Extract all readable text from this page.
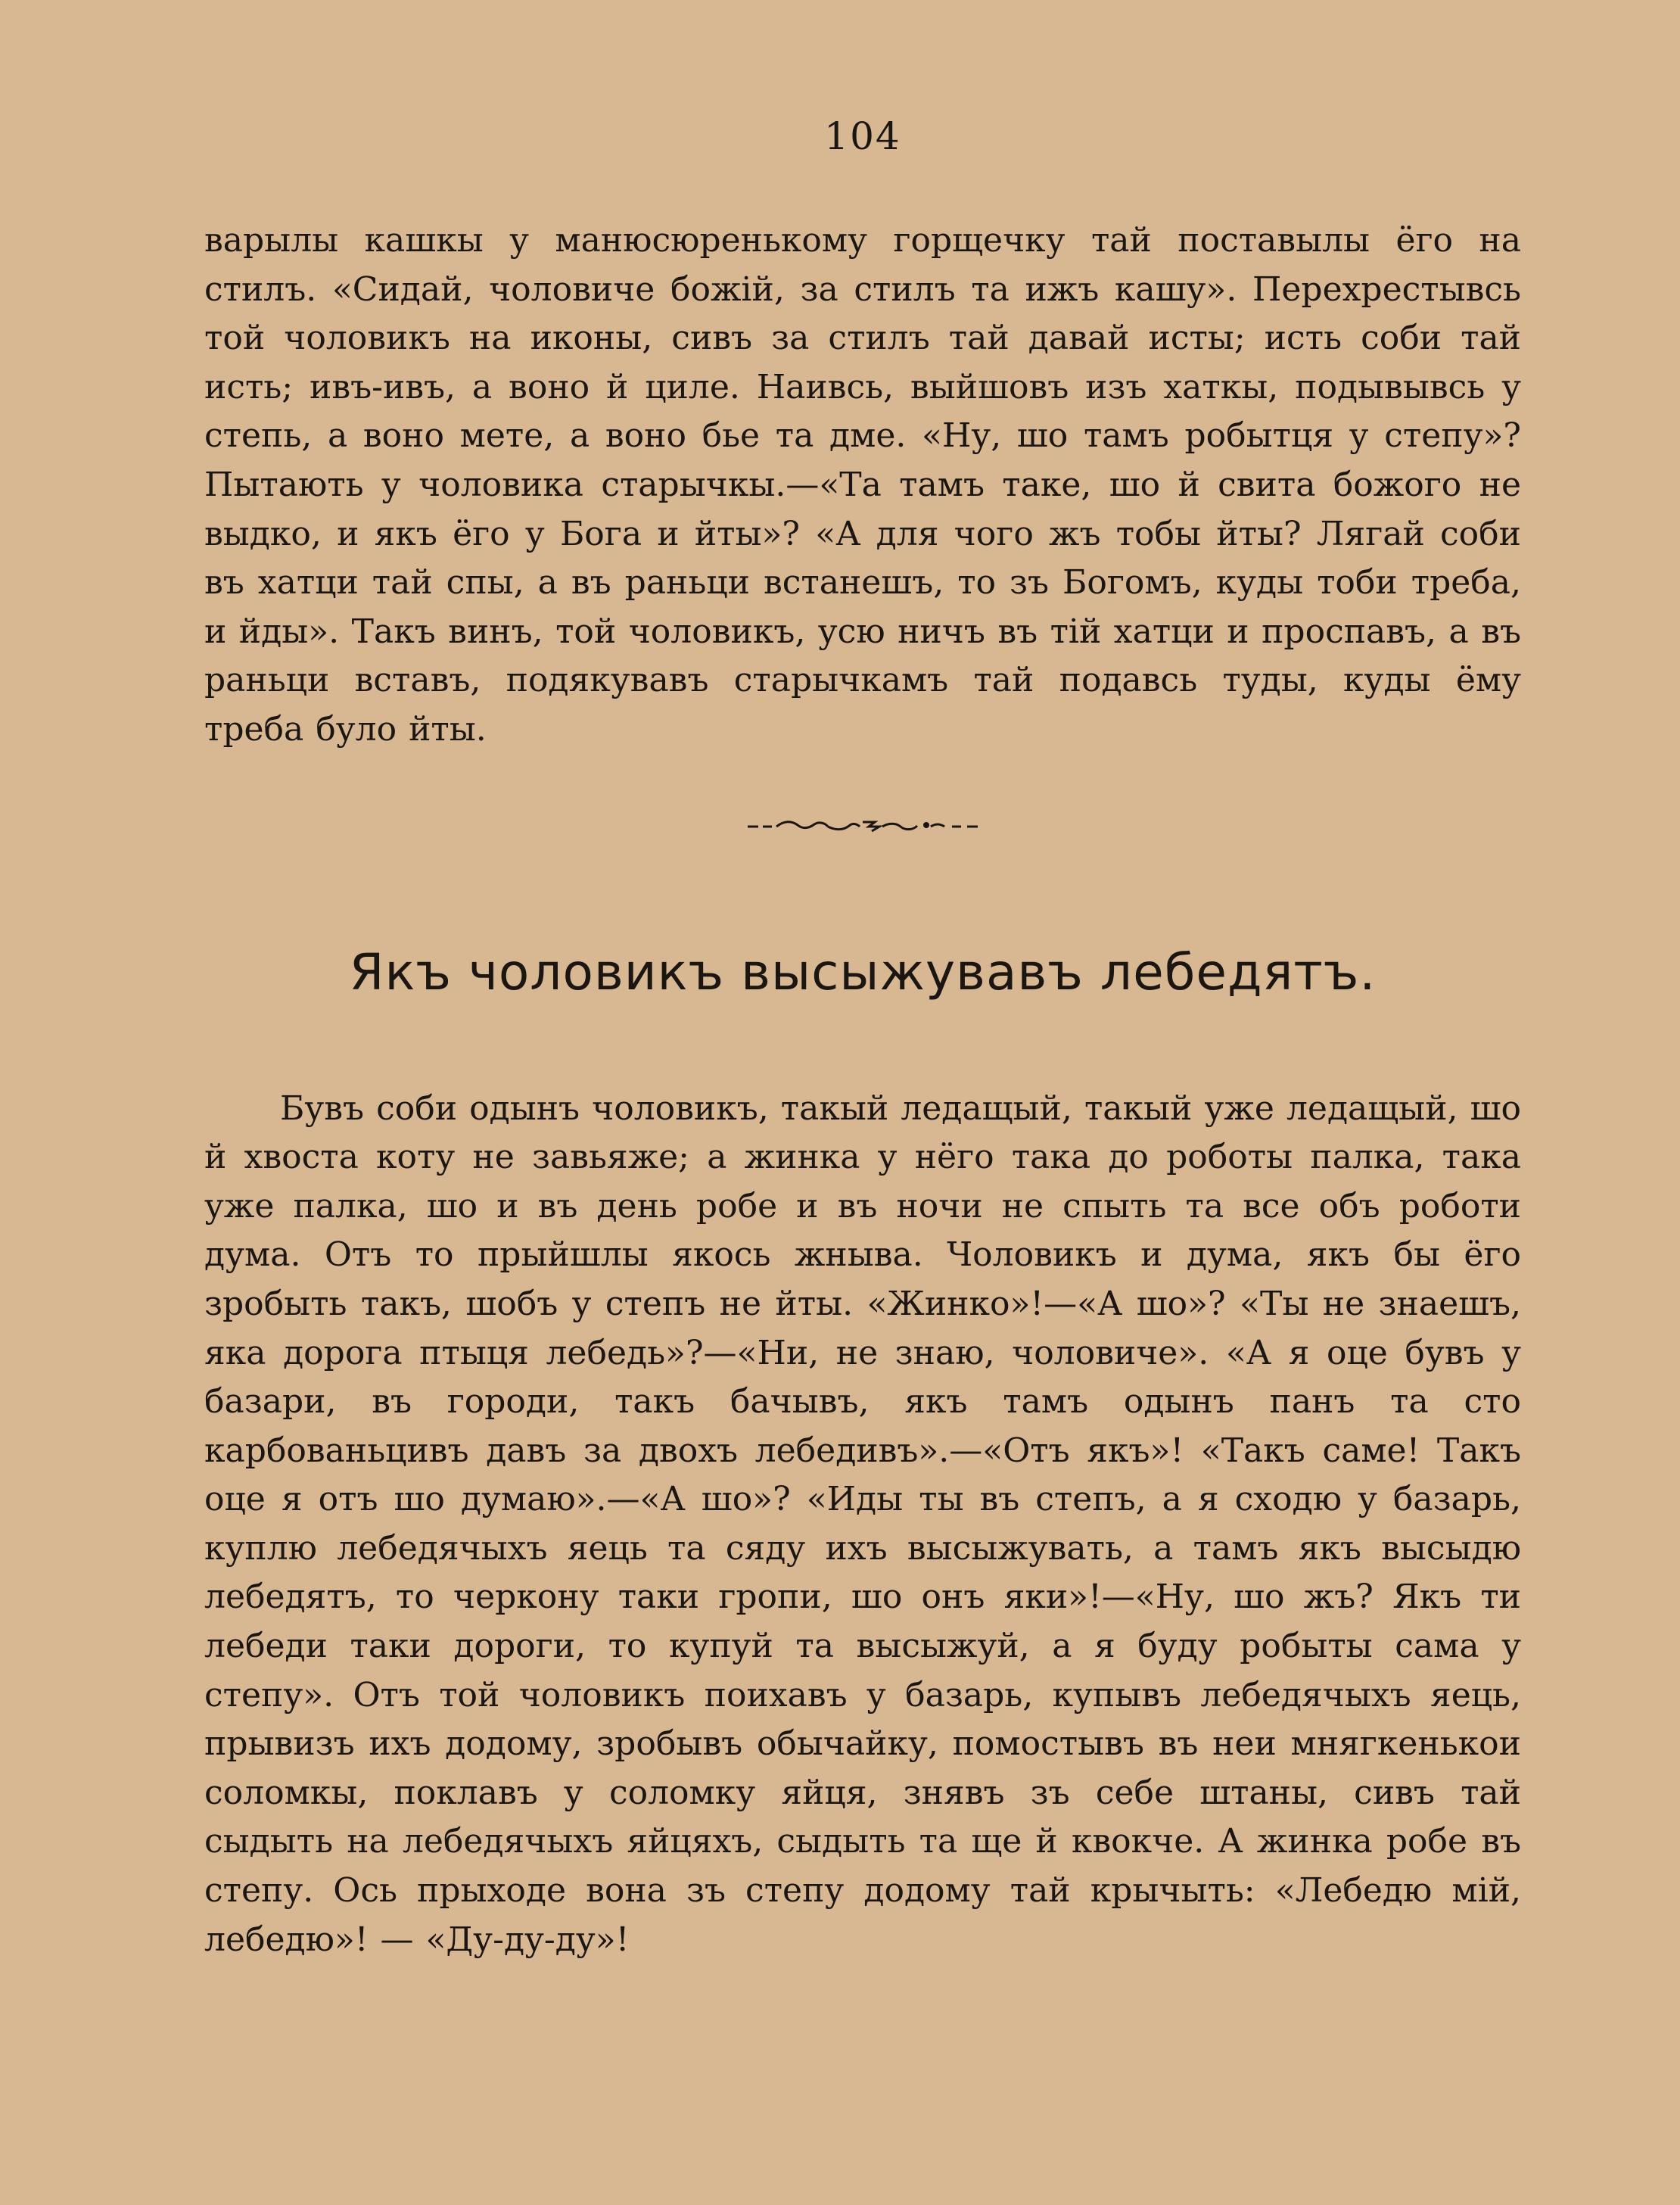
104

варылы кашкы у манюсюренькому горщечку тай поставылы ёго на стилъ. «Сидай, чоловиче божій, за стилъ та ижъ кашу». Перехрестывсь той чоловикъ на иконы, сивъ за стилъ тай давай исты; исть соби тай исть; ивъ-ивъ, а воно й циле. Наивсь, выйшовъ изъ хаткы, подывывсь у степь, а воно мете, а воно бье та дме. «Ну, шо тамъ робытця у степу»? Пытають у чоловика старычкы.—«Та тамъ таке, шо й свита божого не выдко, и якъ ёго у Бога и йты»? «А для чого жъ тобы йты? Лягай соби въ хатци тай спы, а въ раньци встанешъ, то зъ Богомъ, куды тоби треба, и йды». Такъ винъ, той чоловикъ, усю ничъ въ тій хатци и проспавъ, а въ раньци вставъ, подякувавъ старычкамъ тай подавсь туды, куды ёму треба було йты.

Якъ чоловикъ высыжувавъ лебедятъ.

Бувъ соби одынъ чоловикъ, такый ледащый, такый уже ледащый, шо й хвоста коту не завьяже; а жинка у нёго така до роботы палка, така уже палка, шо и въ день робе и въ ночи не спыть та все объ роботи дума. Отъ то прыйшлы якось жныва. Чоловикъ и дума, якъ бы ёго зробыть такъ, шобъ у степъ не йты. «Жинко»!—«А шо»? «Ты не знаешъ, яка дорога птыця лебедь»?—«Ни, не знаю, чоловиче». «А я оце бувъ у базари, въ городи, такъ бачывъ, якъ тамъ одынъ панъ та сто карбованьцивъ давъ за двохъ лебедивъ».—«Отъ якъ»! «Такъ саме! Такъ оце я отъ шо думаю».—«А шо»? «Иды ты въ степъ, а я сходю у базарь, куплю лебедячыхъ яець та сяду ихъ высыжувать, а тамъ якъ высыдю лебедятъ, то черкону таки гропи, шо онъ яки»!—«Ну, шо жъ? Якъ ти лебеди таки дороги, то купуй та высыжуй, а я буду робыты сама у степу». Отъ той чоловикъ поихавъ у базарь, купывъ лебедячыхъ яець, прывизъ ихъ додому, зробывъ обычайку, помостывъ въ неи мнягкенькои соломкы, поклавъ у соломку яйця, знявъ зъ себе штаны, сивъ тай сыдыть на лебедячыхъ яйцяхъ, сыдыть та ще й квокче. А жинка робе въ степу. Ось прыходе вона зъ степу додому тай крычыть: «Лебедю мій, лебедю»! — «Ду-ду-ду»!
